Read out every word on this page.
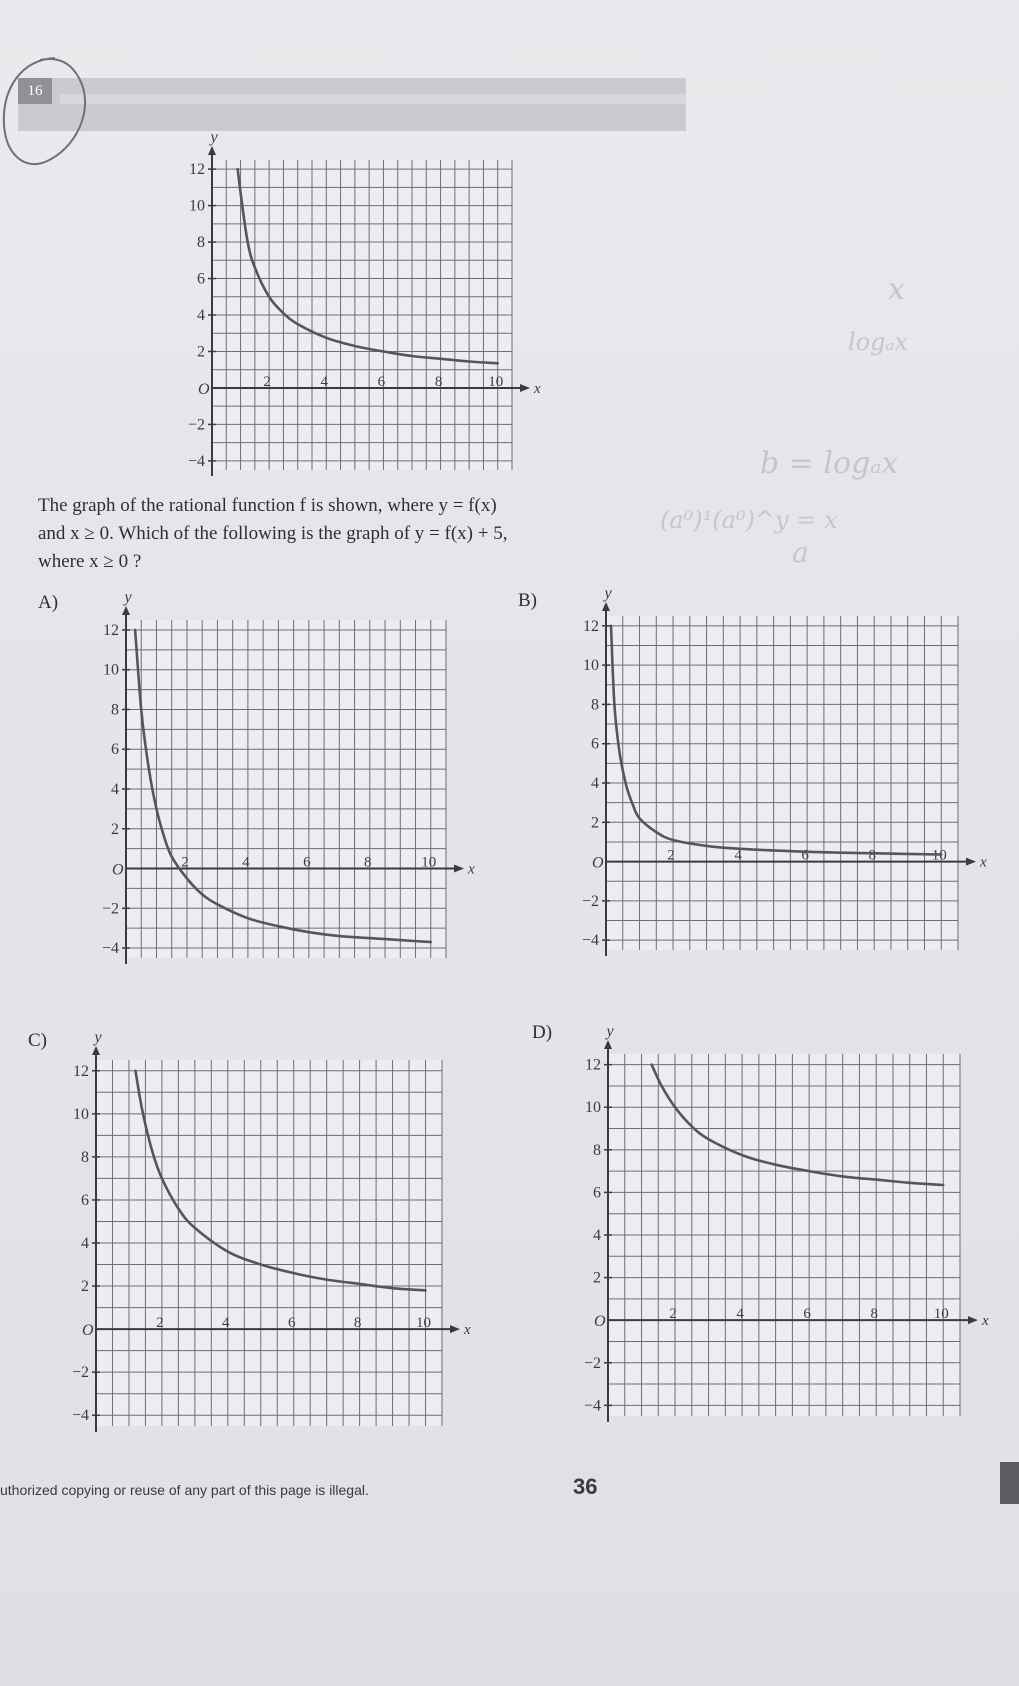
16
x
y
O	2	4	6	8	10
12
10
8
6
4
2
−2
−4

The graph of the rational function f is shown, where y = f(x)

and x ≥ 0. Which of the following is the graph of y = f(x) + 5,

where x ≥ 0 ?

A)	B)
C)	D)
x
y
O	2	4	6	8	10
12
10
8
6
4
2
−2
−4
x
y
O	2	4	6	8	10
12
10
8
6
4
2
−2
−4
x
y
O	2	4	6	8	10
12
10
8
6
4
2
−2
−4
x
y
O	2	4	6	8	10
12
10
8
6
4
2
−2
−4
uthorized copying or reuse of any part of this page is illegal.	36
x
logₐx
b = logₐx
(a⁰)¹(a⁰)^y = x
a
